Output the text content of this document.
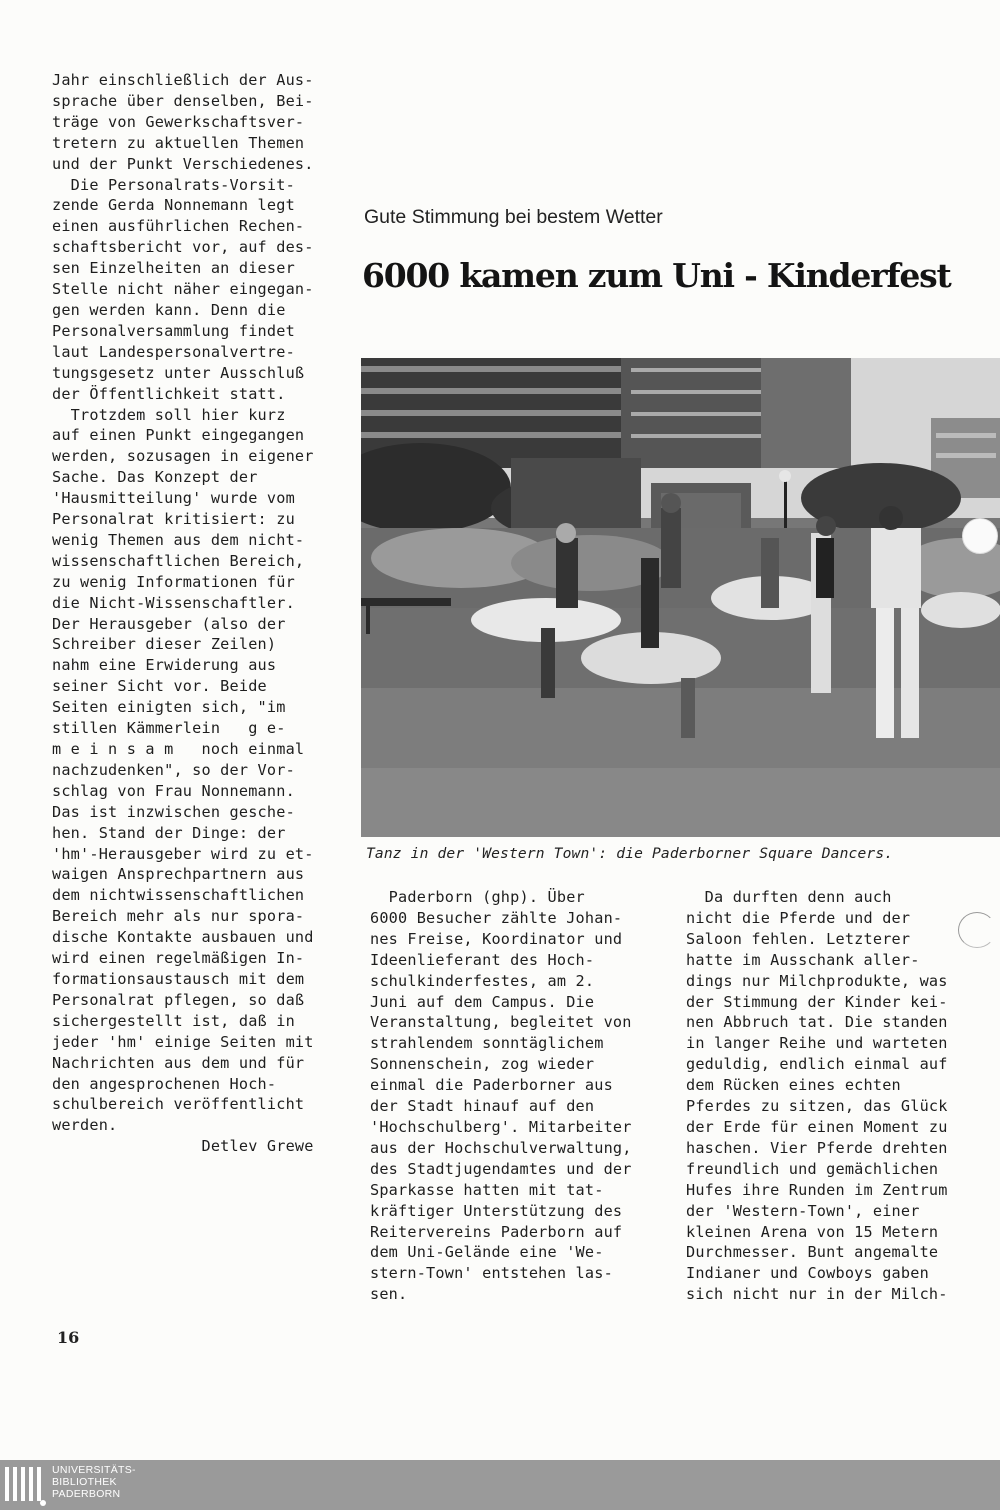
Jahr einschließlich der Aus-
sprache über denselben, Bei-
träge von Gewerkschaftsver-
tretern zu aktuellen Themen
und der Punkt Verschiedenes.
Die Personalrats-Vorsit-
zende Gerda Nonnemann legt
einen ausführlichen Rechen-
schaftsbericht vor, auf des-
sen Einzelheiten an dieser
Stelle nicht näher eingegan-
gen werden kann. Denn die
Personalversammlung findet
laut Landespersonalvertre-
tungsgesetz unter Ausschluß
der Öffentlichkeit statt.
Trotzdem soll hier kurz
auf einen Punkt eingegangen
werden, sozusagen in eigener
Sache. Das Konzept der
'Hausmitteilung' wurde vom
Personalrat kritisiert: zu
wenig Themen aus dem nicht-
wissenschaftlichen Bereich,
zu wenig Informationen für
die Nicht-Wissenschaftler.
Der Herausgeber (also der
Schreiber dieser Zeilen)
nahm eine Erwiderung aus
seiner Sicht vor. Beide
Seiten einigten sich, "im
stillen Kämmerlein   g e-
m e i n s a m   noch einmal
nachzudenken", so der Vor-
schlag von Frau Nonnemann.
Das ist inzwischen gesche-
hen. Stand der Dinge: der
'hm'-Herausgeber wird zu et-
waigen Ansprechpartnern aus
dem nichtwissenschaftlichen
Bereich mehr als nur spora-
dische Kontakte ausbauen und
wird einen regelmäßigen In-
formationsaustausch mit dem
Personalrat pflegen, so daß
sichergestellt ist, daß in
jeder 'hm' einige Seiten mit
Nachrichten aus dem und für
den angesprochenen Hoch-
schulbereich veröffentlicht
werden.
Detlev Grewe
Gute Stimmung bei bestem Wetter
6000 kamen zum Uni - Kinderfest
Tanz in der 'Western Town': die Paderborner Square Dancers.
Paderborn (ghp). Über
6000 Besucher zählte Johan-
nes Freise, Koordinator und
Ideenlieferant des Hoch-
schulkinderfestes, am 2.
Juni auf dem Campus. Die
Veranstaltung, begleitet von
strahlendem sonntäglichem
Sonnenschein, zog wieder
einmal die Paderborner aus
der Stadt hinauf auf den
'Hochschulberg'. Mitarbeiter
aus der Hochschulverwaltung,
des Stadtjugendamtes und der
Sparkasse hatten mit tat-
kräftiger Unterstützung des
Reitervereins Paderborn auf
dem Uni-Gelände eine 'We-
stern-Town' entstehen las-
sen.
Da durften denn auch
nicht die Pferde und der
Saloon fehlen. Letzterer
hatte im Ausschank aller-
dings nur Milchprodukte, was
der Stimmung der Kinder kei-
nen Abbruch tat. Die standen
in langer Reihe und warteten
geduldig, endlich einmal auf
dem Rücken eines echten
Pferdes zu sitzen, das Glück
der Erde für einen Moment zu
haschen. Vier Pferde drehten
freundlich und gemächlichen
Hufes ihre Runden im Zentrum
der 'Western-Town', einer
kleinen Arena von 15 Metern
Durchmesser. Bunt angemalte
Indianer und Cowboys gaben
sich nicht nur in der Milch-
16
UNIVERSITÄTS-
BIBLIOTHEK
PADERBORN
